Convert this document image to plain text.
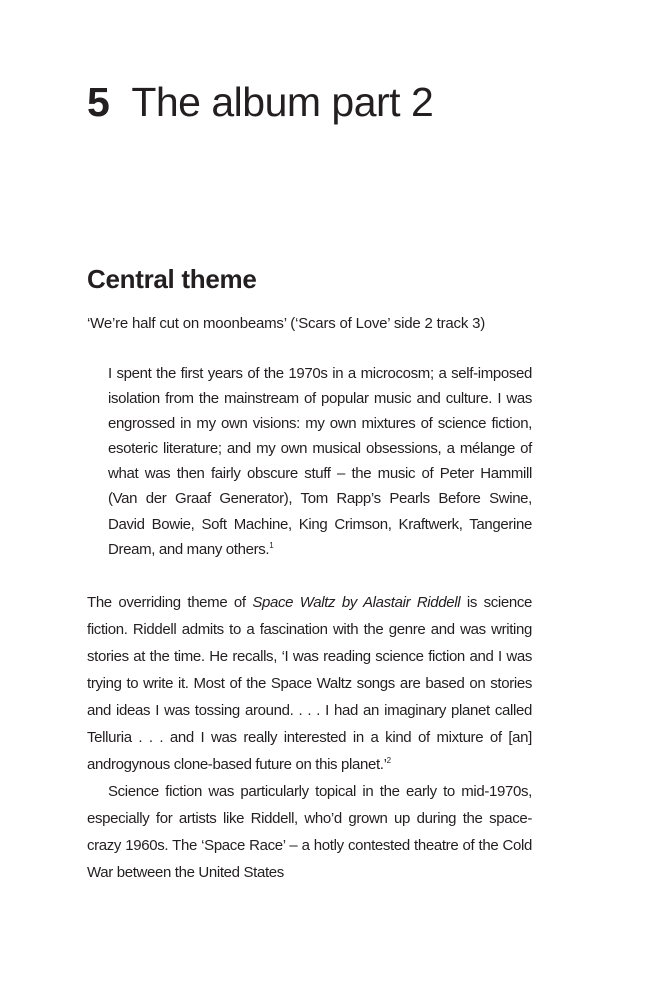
5 The album part 2
Central theme

‘We’re half cut on moonbeams’ (‘Scars of Love’ side 2 track 3)

I spent the first years of the 1970s in a microcosm; a self-imposed isolation from the mainstream of popular music and culture. I was engrossed in my own visions: my own mixtures of science fiction, esoteric literature; and my own musical obsessions, a mélange of what was then fairly obscure stuff – the music of Peter Hammill (Van der Graaf Generator), Tom Rapp’s Pearls Before Swine, David Bowie, Soft Machine, King Crimson, Kraftwerk, Tangerine Dream, and many others.$^1$

The overriding theme of Space Waltz by Alastair Riddell is science fiction. Riddell admits to a fascination with the genre and was writing stories at the time. He recalls, ‘I was reading science fiction and I was trying to write it. Most of the Space Waltz songs are based on stories and ideas I was tossing around. . . . I had an imaginary planet called Telluria . . . and I was really interested in a kind of mixture of [an] androgynous clone-based future on this planet.’$^2$

Science fiction was particularly topical in the early to mid-1970s, especially for artists like Riddell, who’d grown up during the space-crazy 1960s. The ‘Space Race’ – a hotly contested theatre of the Cold War between the United States
